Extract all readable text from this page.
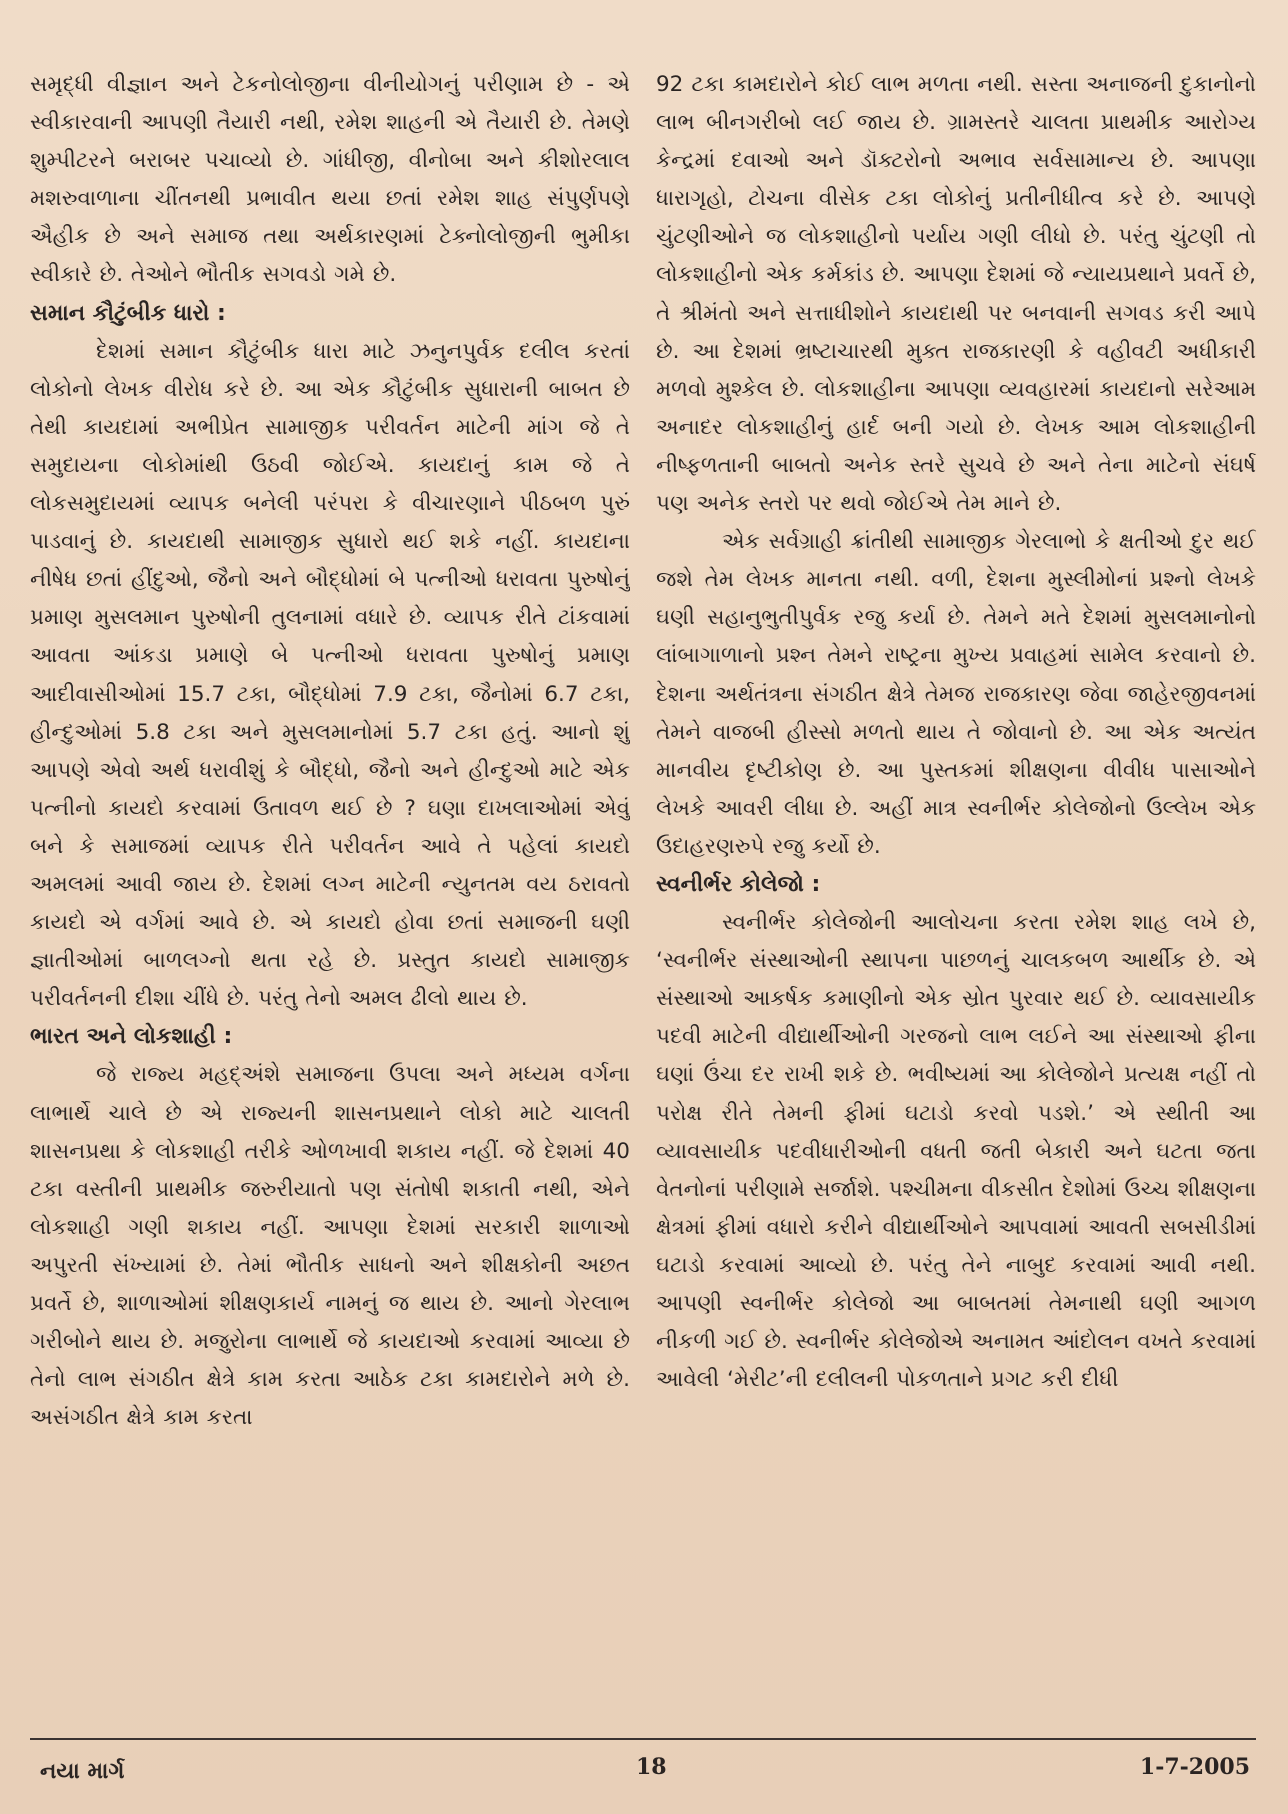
સમૃદ્ધી વીજ્ઞાન અને ટેકનોલોજીના વીનીયોગનું પરીણામ છે - એ સ્વીકારવાની આપણી તૈયારી નથી, રમેશ શાહની એ તૈયારી છે. તેમણે શુમ્પીટરને બરાબર પચાવ્યો છે. ગાંધીજી, વીનોબા અને કીશોરલાલ મશરુવાળાના ચીંતનથી પ્રભાવીત થયા છતાં રમેશ શાહ સંપુર્ણપણે ઐહીક છે અને સમાજ તથા અર્થકારણમાં ટેક્નોલોજીની ભુમીકા સ્વીકારે છે. તેઓને ભૌતીક સગવડો ગમે છે.

સમાન કૌટુંબીક ધારો :

દેશમાં સમાન કૌટુંબીક ધારા માટે ઝનુનપુર્વક દલીલ કરતાં લોકોનો લેખક વીરોધ કરે છે. આ એક કૌટુંબીક સુધારાની બાબત છે તેથી કાયદામાં અભીપ્રેત સામાજીક પરીવર્તન માટેની માંગ જે તે સમુદાયના લોકોમાંથી ઉઠવી જોઈએ. કાયદાનું કામ જે તે લોકસમુદાયમાં વ્યાપક બનેલી પરંપરા કે વીચારણાને પીઠબળ પુરું પાડવાનું છે. કાયદાથી સામાજીક સુધારો થઈ શકે નહીં. કાયદાના નીષેધ છતાં હીંદુઓ, જૈનો અને બૌદ્ધોમાં બે પત્નીઓ ધરાવતા પુરુષોનું પ્રમાણ મુસલમાન પુરુષોની તુલનામાં વધારે છે. વ્યાપક રીતે ટાંકવામાં આવતા આંકડા પ્રમાણે બે પત્નીઓ ધરાવતા પુરુષોનું પ્રમાણ આદીવાસીઓમાં 15.7 ટકા, બૌદ્ધોમાં 7.9 ટકા, જૈનોમાં 6.7 ટકા, હીન્દુઓમાં 5.8 ટકા અને મુસલમાનોમાં 5.7 ટકા હતું. આનો શું આપણે એવો અર્થ ધરાવીશું કે બૌદ્ધો, જૈનો અને હીન્દુઓ માટે એક પત્નીનો કાયદો કરવામાં ઉતાવળ થઈ છે ? ઘણા દાખલાઓમાં એવું બને કે સમાજમાં વ્યાપક રીતે પરીવર્તન આવે તે પહેલાં કાયદો અમલમાં આવી જાય છે. દેશમાં લગ્ન માટેની ન્યુનતમ વય ઠરાવતો કાયદો એ વર્ગમાં આવે છે. એ કાયદો હોવા છતાં સમાજની ઘણી જ્ઞાતીઓમાં બાળલગ્નો થતા રહે છે. પ્રસ્તુત કાયદો સામાજીક પરીવર્તનની દીશા ચીંધે છે. પરંતુ તેનો અમલ ઢીલો થાય છે.

ભારત અને લોકશાહી :

જે રાજ્ય મહદ્અંશે સમાજના ઉપલા અને મધ્યમ વર્ગના લાભાર્થે ચાલે છે એ રાજ્યની શાસનપ્રથાને લોકો માટે ચાલતી શાસનપ્રથા કે લોકશાહી તરીકે ઓળખાવી શકાય નહીં. જે દેશમાં 40 ટકા વસ્તીની પ્રાથમીક જરુરીયાતો પણ સંતોષી શકાતી નથી, એને લોકશાહી ગણી શકાય નહીં. આપણા દેશમાં સરકારી શાળાઓ અપુરતી સંખ્યામાં છે. તેમાં ભૌતીક સાધનો અને શીક્ષકોની અછત પ્રવર્તે છે, શાળાઓમાં શીક્ષણકાર્ય નામનું જ થાય છે. આનો ગેરલાભ ગરીબોને થાય છે. મજુરોના લાભાર્થે જે કાયદાઓ કરવામાં આવ્યા છે તેનો લાભ સંગઠીત ક્ષેત્રે કામ કરતા આઠેક ટકા કામદારોને મળે છે. અસંગઠીત ક્ષેત્રે કામ કરતા

92 ટકા કામદારોને કોઈ લાભ મળતા નથી. સસ્તા અનાજની દુકાનોનો લાભ બીનગરીબો લઈ જાય છે. ગ્રામસ્તરે ચાલતા પ્રાથમીક આરોગ્ય કેન્દ્રમાં દવાઓ અને ડૉક્ટરોનો અભાવ સર્વસામાન્ય છે. આપણા ધારાગૃહો, ટોચના વીસેક ટકા લોકોનું પ્રતીનીધીત્વ કરે છે. આપણે ચુંટણીઓને જ લોકશાહીનો પર્યાય ગણી લીધો છે. પરંતુ ચુંટણી તો લોકશાહીનો એક કર્મકાંડ છે. આપણા દેશમાં જે ન્યાયપ્રથાને પ્રવર્તે છે, તે શ્રીમંતો અને સત્તાધીશોને કાયદાથી પર બનવાની સગવડ કરી આપે છે. આ દેશમાં ભ્રષ્ટાચારથી મુક્ત રાજકારણી કે વહીવટી અધીકારી મળવો મુશ્કેલ છે. લોકશાહીના આપણા વ્યવહારમાં કાયદાનો સરેઆમ અનાદર લોકશાહીનું હાર્દ બની ગયો છે. લેખક આમ લોકશાહીની નીષ્ફળતાની બાબતો અનેક સ્તરે સુચવે છે અને તેના માટેનો સંઘર્ષ પણ અનેક સ્તરો પર થવો જોઈએ તેમ માને છે.

એક સર્વગ્રાહી ક્રાંતીથી સામાજીક ગેરલાભો કે ક્ષતીઓ દુર થઈ જશે તેમ લેખક માનતા નથી. વળી, દેશના મુસ્લીમોનાં પ્રશ્નો લેખકે ઘણી સહાનુભુતીપુર્વક રજુ કર્યા છે. તેમને મતે દેશમાં મુસલમાનોનો લાંબાગાળાનો પ્રશ્ન તેમને રાષ્ટ્રના મુખ્ય પ્રવાહમાં સામેલ કરવાનો છે. દેશના અર્થતંત્રના સંગઠીત ક્ષેત્રે તેમજ રાજકારણ જેવા જાહેરજીવનમાં તેમને વાજબી હીસ્સો મળતો થાય તે જોવાનો છે. આ એક અત્યંત માનવીય દૃષ્ટીકોણ છે. આ પુસ્તકમાં શીક્ષણના વીવીધ પાસાઓને લેખકે આવરી લીધા છે. અહીં માત્ર સ્વનીર્ભર કોલેજોનો ઉલ્લેખ એક ઉદાહરણરુપે રજુ કર્યો છે.

સ્વનીર્ભર કોલેજો :

સ્વનીર્ભર કોલેજોની આલોચના કરતા રમેશ શાહ લખે છે, ‘સ્વનીર્ભર સંસ્થાઓની સ્થાપના પાછળનું ચાલકબળ આર્થીક છે. એ સંસ્થાઓ આકર્ષક કમાણીનો એક સ્રોત પુરવાર થઈ છે. વ્યાવસાયીક પદવી માટેની વીદ્યાર્થીઓની ગરજનો લાભ લઈને આ સંસ્થાઓ ફીના ઘણાં ઉંચા દર રાખી શકે છે. ભવીષ્યમાં આ કોલેજોને પ્રત્યક્ષ નહીં તો પરોક્ષ રીતે તેમની ફીમાં ઘટાડો કરવો પડશે.’ એ સ્થીતી આ વ્યાવસાયીક પદવીધારીઓની વધતી જતી બેકારી અને ઘટતા જતા વેતનોનાં પરીણામે સર્જાશે. પશ્ચીમના વીકસીત દેશોમાં ઉચ્ચ શીક્ષણના ક્ષેત્રમાં ફીમાં વધારો કરીને વીદ્યાર્થીઓને આપવામાં આવતી સબસીડીમાં ઘટાડો કરવામાં આવ્યો છે. પરંતુ તેને નાબુદ કરવામાં આવી નથી. આપણી સ્વનીર્ભર કોલેજો આ બાબતમાં તેમનાથી ઘણી આગળ નીકળી ગઈ છે. સ્વનીર્ભર કોલેજોએ અનામત આંદોલન વખતે કરવામાં આવેલી ‘મેરીટ’ની દલીલની પોકળતાને પ્રગટ કરી દીધી

નયા માર્ગ	18	1-7-2005
